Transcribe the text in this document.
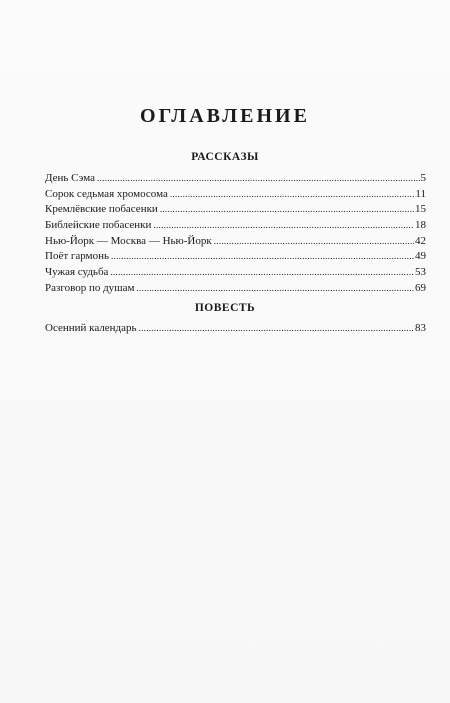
ОГЛАВЛЕНИЕ
РАССКАЗЫ
День Сэма .....	5
Сорок седьмая хромосома .....	11
Кремлёвские побасенки .....	15
Библейские побасенки .....	18
Нью-Йорк — Москва — Нью-Йорк .....	42
Поёт гармонь .....	49
Чужая судьба .....	53
Разговор по душам .....	69
ПОВЕСТЬ
Осенний календарь .....	83
